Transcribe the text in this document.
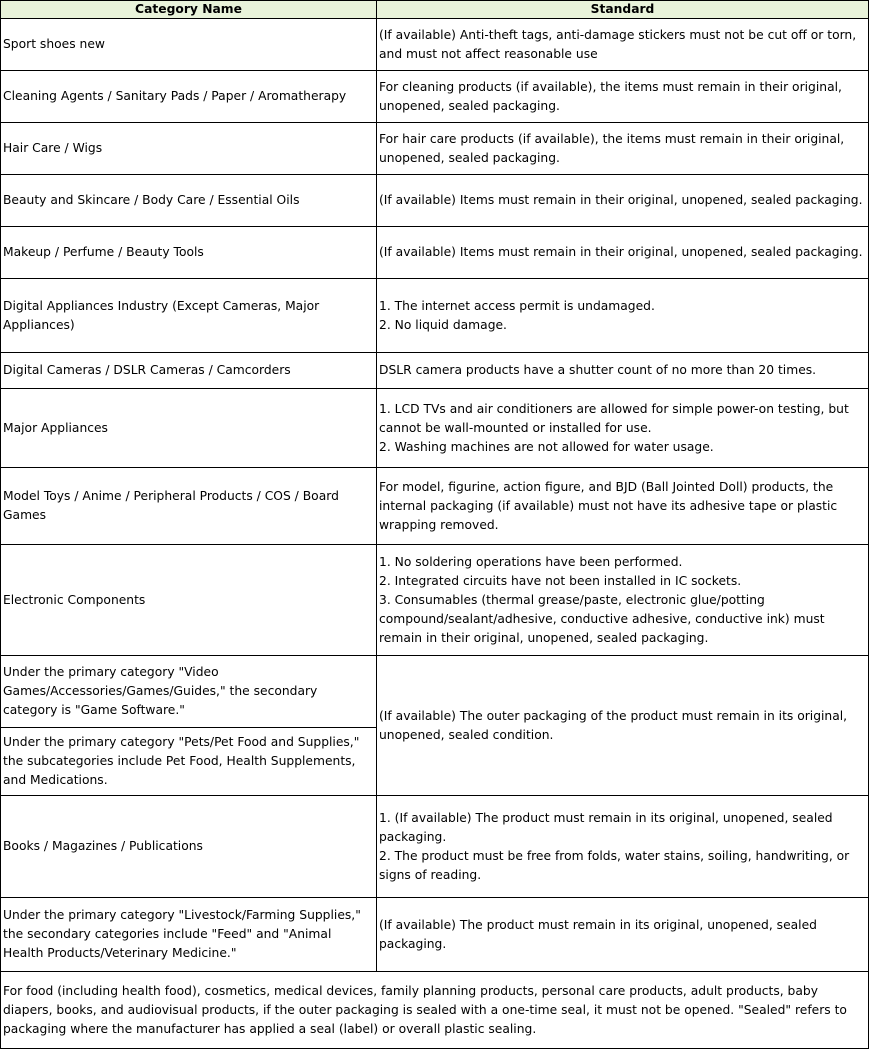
Category Name	Standard
Sport shoes new	(If available) Anti-theft tags, anti-damage stickers must not be cut off or torn, and must not affect reasonable use

Cleaning Agents / Sanitary Pads / Paper / Aromatherapy	For cleaning products (if available), the items must remain in their original, unopened, sealed packaging.

Hair Care / Wigs	For hair care products (if available), the items must remain in their original, unopened, sealed packaging.

Beauty and Skincare / Body Care / Essential Oils	(If available) Items must remain in their original, unopened, sealed packaging.

Makeup / Perfume / Beauty Tools	(If available) Items must remain in their original, unopened, sealed packaging.

Digital Appliances Industry (Except Cameras, Major Appliances)	1. The internet access permit is undamaged.
2. No liquid damage.

Digital Cameras / DSLR Cameras / Camcorders	DSLR camera products have a shutter count of no more than 20 times.

Major Appliances	1. LCD TVs and air conditioners are allowed for simple power-on testing, but cannot be wall-mounted or installed for use.
2. Washing machines are not allowed for water usage.

Model Toys / Anime / Peripheral Products / COS / Board Games	For model, figurine, action figure, and BJD (Ball Jointed Doll) products, the internal packaging (if available) must not have its adhesive tape or plastic wrapping removed.

Electronic Components	1. No soldering operations have been performed.
2. Integrated circuits have not been installed in IC sockets.
3. Consumables (thermal grease/paste, electronic glue/potting compound/sealant/adhesive, conductive adhesive, conductive ink) must remain in their original, unopened, sealed packaging.

Under the primary category "Video Games/Accessories/Games/Guides," the secondary category is "Game Software."	(If available) The outer packaging of the product must remain in its original, unopened, sealed condition.

Under the primary category "Pets/Pet Food and Supplies," the subcategories include Pet Food, Health Supplements, and Medications.	
Books / Magazines / Publications	1. (If available) The product must remain in its original, unopened, sealed packaging.
2. The product must be free from folds, water stains, soiling, handwriting, or signs of reading.

Under the primary category "Livestock/Farming Supplies," the secondary categories include "Feed" and "Animal Health Products/Veterinary Medicine."	(If available) The product must remain in its original, unopened, sealed packaging.

For food (including health food), cosmetics, medical devices, family planning products, personal care products, adult products, baby diapers, books, and audiovisual products, if the outer packaging is sealed with a one-time seal, it must not be opened. "Sealed" refers to packaging where the manufacturer has applied a seal (label) or overall plastic sealing.	
